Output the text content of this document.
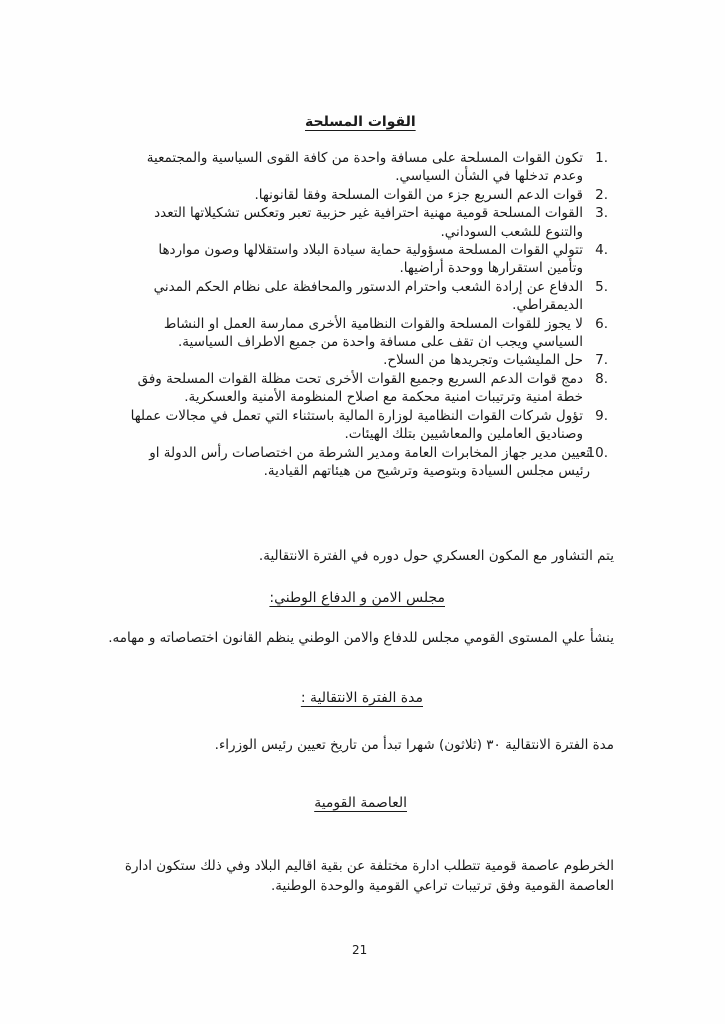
القوات المسلحة
1.
تكون القوات المسلحة على مسافة واحدة من كافة القوى السياسية والمجتمعية
وعدم تدخلها في الشأن السياسي.
2.
قوات الدعم السريع جزء من القوات المسلحة وفقا لقانونها.
3.
القوات المسلحة قومية مهنية احترافية غير حزبية تعبر وتعكس تشكيلاتها التعدد
والتنوع للشعب السوداني.
4.
تتولي القوات المسلحة مسؤولية حماية سيادة البلاد واستقلالها وصون مواردها
وتأمين استقرارها ووحدة أراضيها.
5.
الدفاع عن إرادة الشعب واحترام الدستور والمحافظة على نظام الحكم المدني
الديمقراطي.
6.
لا يجوز للقوات المسلحة والقوات النظامية الأخرى ممارسة العمل او النشاط
السياسي ويجب ان تقف على مسافة واحدة من جميع الاطراف السياسية.
7.
حل المليشيات وتجريدها من السلاح.
8.
دمج قوات الدعم السريع وجميع القوات الأخرى تحت مظلة القوات المسلحة وفق
خطة امنية وترتيبات امنية محكمة مع اصلاح المنظومة الأمنية والعسكرية.
9.
تؤول شركات القوات النظامية لوزارة المالية باستثناء التي تعمل في مجالات عملها
وصناديق العاملين والمعاشيين بتلك الهيئات.
10.
تعيين مدير جهاز المخابرات العامة ومدير الشرطة من اختصاصات رأس الدولة او
رئيس مجلس السيادة وبتوصية وترشيح من هيئاتهم القيادية.
يتم التشاور مع المكون العسكري حول دوره في الفترة الانتقالية.
مجلس الامن و الدفاع الوطني:
ينشأ علي المستوى القومي مجلس للدفاع والامن الوطني ينظم القانون اختصاصاته و مهامه.
مدة الفترة الانتقالية :
مدة الفترة الانتقالية ٣٠ (ثلاثون) شهرا تبدأ من تاريخ تعيين رئيس الوزراء.
العاصمة القومية
الخرطوم عاصمة قومية تتطلب ادارة مختلفة عن بقية اقاليم البلاد وفي ذلك ستكون ادارة
العاصمة القومية وفق ترتيبات تراعي القومية والوحدة الوطنية.
21
